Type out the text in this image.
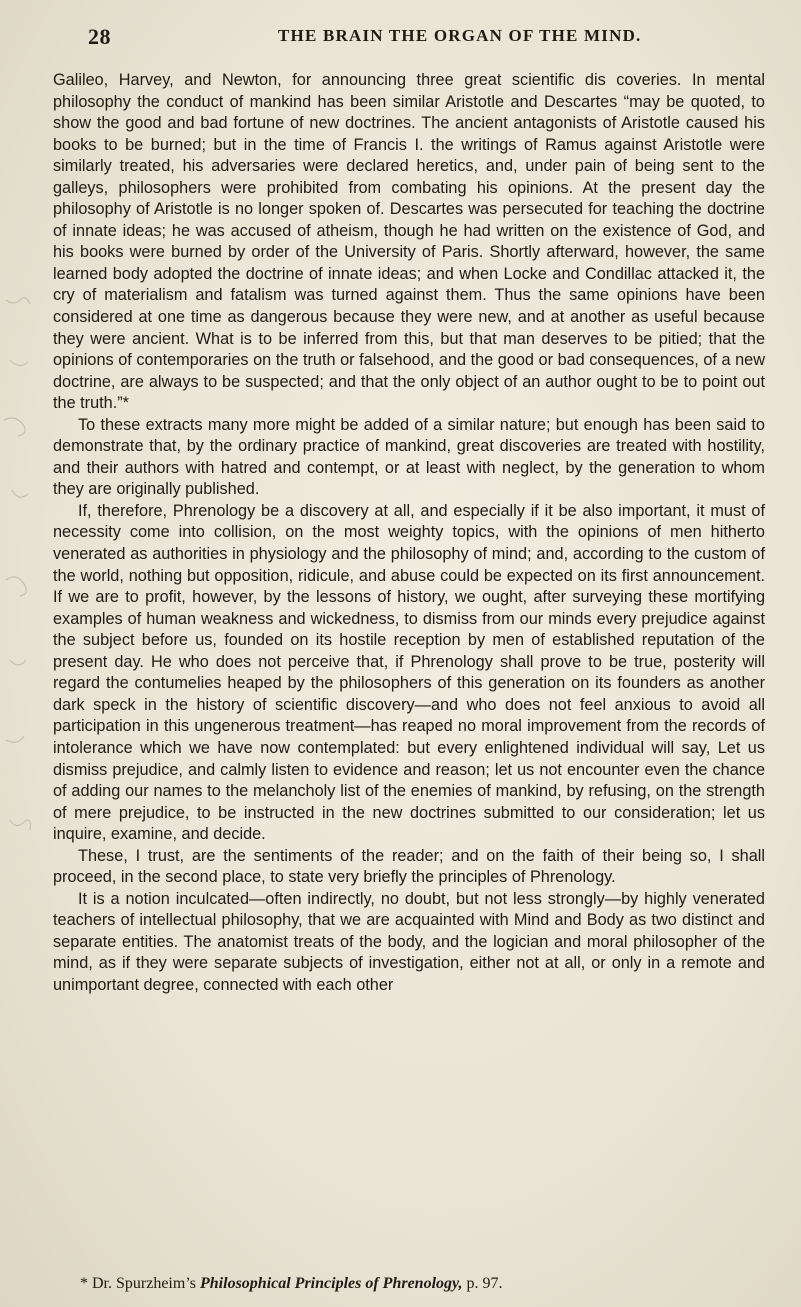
28	THE BRAIN THE ORGAN OF THE MIND.

Galileo, Harvey, and Newton, for announcing three great scientific dis coveries. In mental philosophy the conduct of mankind has been similar Aristotle and Descartes “may be quoted, to show the good and bad fortune of new doctrines. The ancient antagonists of Aristotle caused his books to be burned; but in the time of Francis I. the writings of Ramus against Aristotle were similarly treated, his adversaries were declared heretics, and, under pain of being sent to the galleys, philosophers were prohibited from combating his opinions. At the present day the philosophy of Aristotle is no longer spoken of. Descartes was persecuted for teaching the doctrine of innate ideas; he was accused of atheism, though he had written on the existence of God, and his books were burned by order of the University of Paris. Shortly afterward, however, the same learned body adopted the doctrine of innate ideas; and when Locke and Condillac attacked it, the cry of materialism and fatalism was turned against them. Thus the same opinions have been considered at one time as dangerous because they were new, and at another as useful because they were ancient. What is to be inferred from this, but that man deserves to be pitied; that the opinions of contemporaries on the truth or falsehood, and the good or bad consequences, of a new doctrine, are always to be suspected; and that the only object of an author ought to be to point out the truth.”*

To these extracts many more might be added of a similar nature; but enough has been said to demonstrate that, by the ordinary practice of mankind, great discoveries are treated with hostility, and their authors with hatred and contempt, or at least with neglect, by the generation to whom they are originally published.

If, therefore, Phrenology be a discovery at all, and especially if it be also important, it must of necessity come into collision, on the most weighty topics, with the opinions of men hitherto venerated as authorities in physiology and the philosophy of mind; and, according to the custom of the world, nothing but opposition, ridicule, and abuse could be expected on its first announcement. If we are to profit, however, by the lessons of history, we ought, after surveying these mortifying examples of human weakness and wickedness, to dismiss from our minds every prejudice against the subject before us, founded on its hostile reception by men of established reputation of the present day. He who does not perceive that, if Phrenology shall prove to be true, posterity will regard the contumelies heaped by the philosophers of this generation on its founders as another dark speck in the history of scientific discovery—and who does not feel anxious to avoid all participation in this ungenerous treatment—has reaped no moral improvement from the records of intolerance which we have now contemplated: but every enlightened individual will say, Let us dismiss prejudice, and calmly listen to evidence and reason; let us not encounter even the chance of adding our names to the melancholy list of the enemies of mankind, by refusing, on the strength of mere prejudice, to be instructed in the new doctrines submitted to our consideration; let us inquire, examine, and decide.

These, I trust, are the sentiments of the reader; and on the faith of their being so, I shall proceed, in the second place, to state very briefly the principles of Phrenology.

It is a notion inculcated—often indirectly, no doubt, but not less strongly—by highly venerated teachers of intellectual philosophy, that we are acquainted with Mind and Body as two distinct and separate entities. The anatomist treats of the body, and the logician and moral philosopher of the mind, as if they were separate subjects of investigation, either not at all, or only in a remote and unimportant degree, connected with each other

* Dr. Spurzheim’s Philosophical Principles of Phrenology, p. 97.
